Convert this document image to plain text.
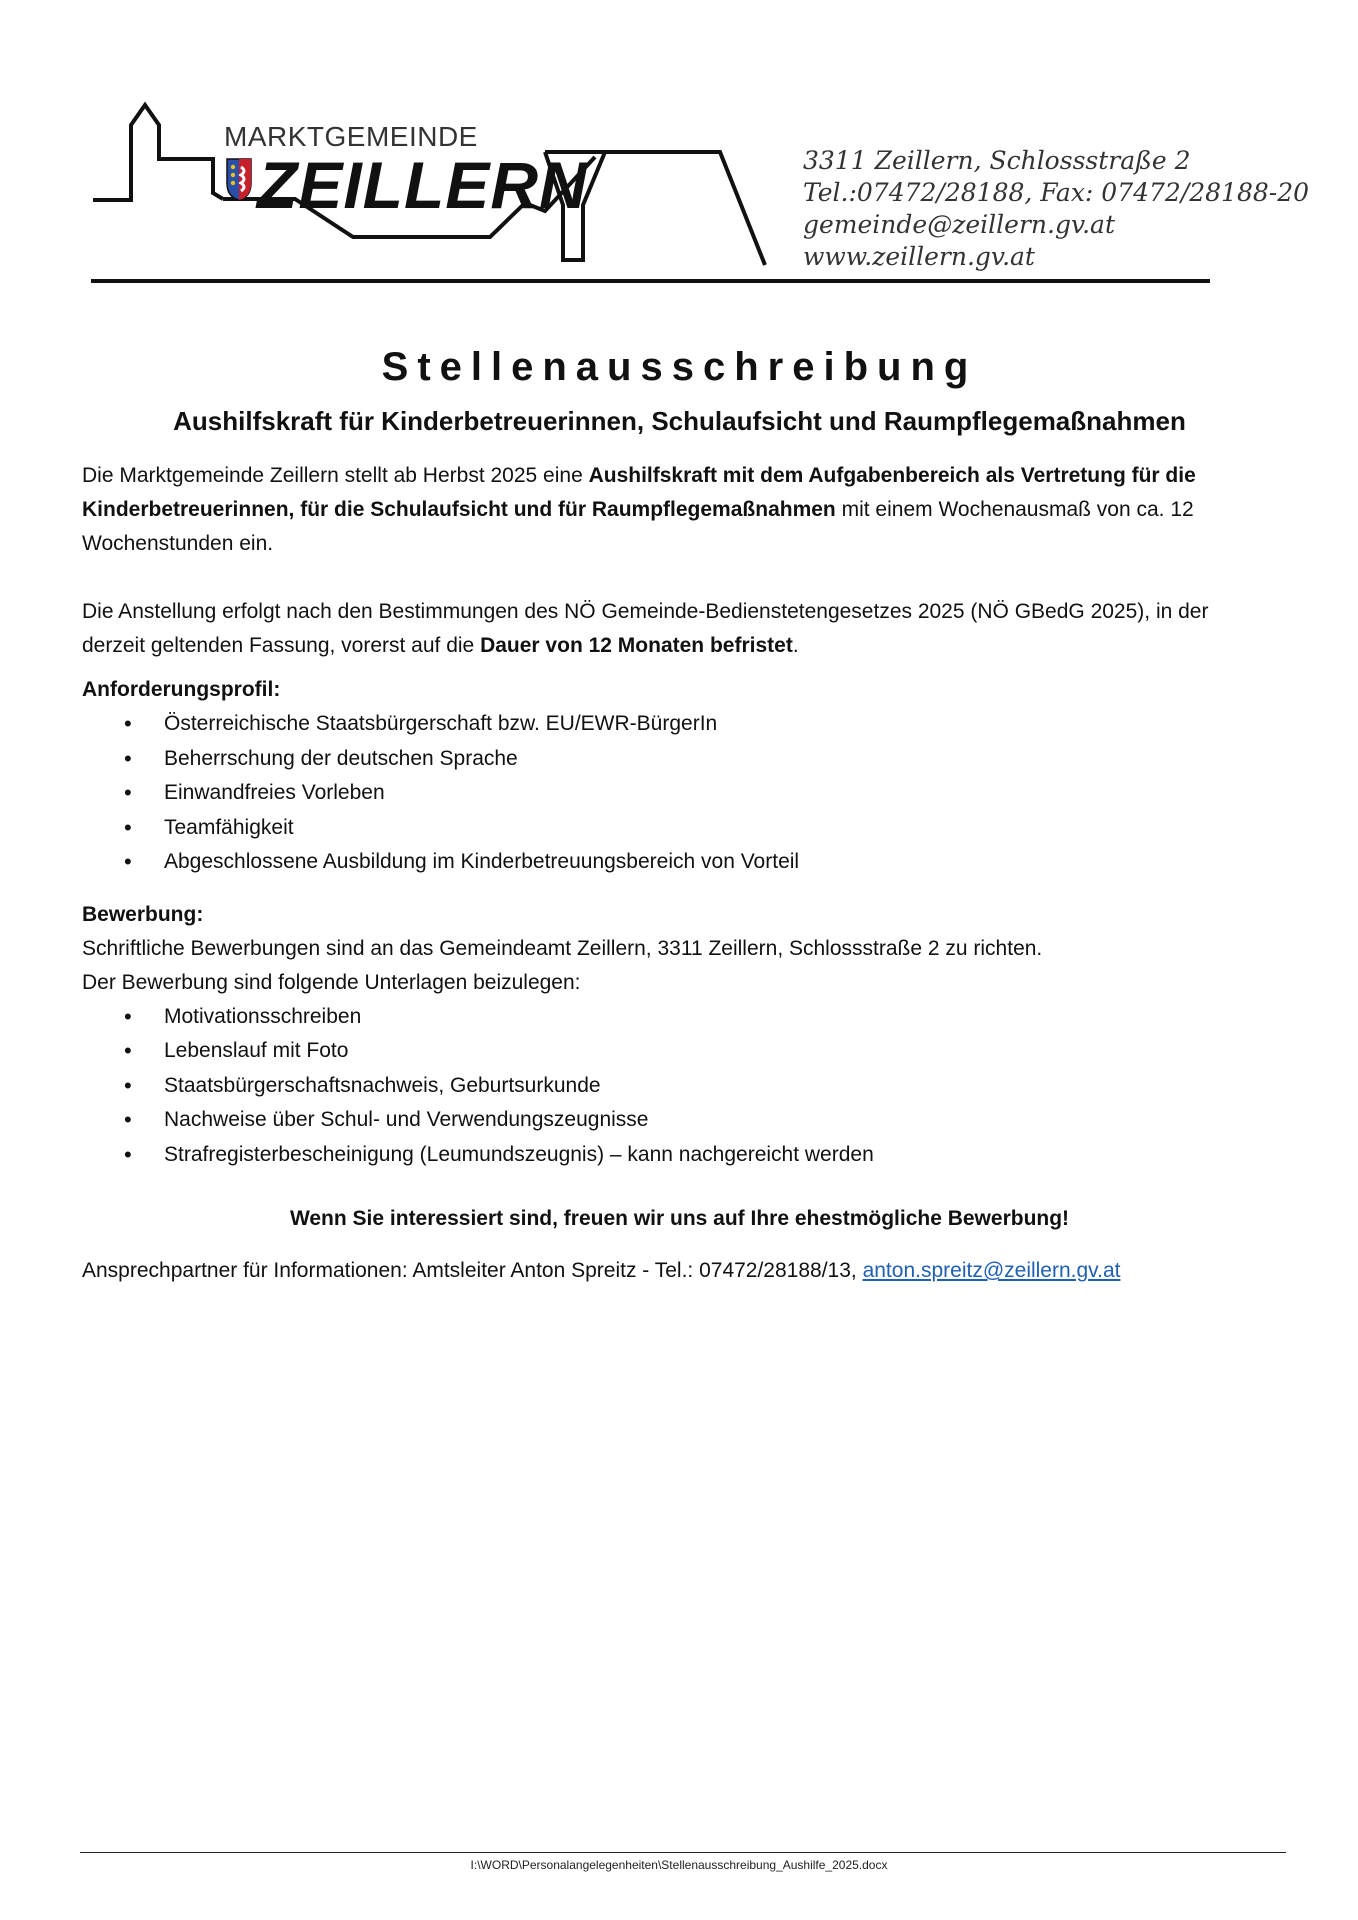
MARKTGEMEINDE
ZEILLERN	3311 Zeillern, Schlossstraße 2
Tel.:07472/28188, Fax: 07472/28188-20
gemeinde@zeillern.gv.at
www.zeillern.gv.at
Stellenausschreibung
Aushilfskraft für Kinderbetreuerinnen, Schulaufsicht und Raumpflegemaßnahmen

Die Marktgemeinde Zeillern stellt ab Herbst 2025 eine Aushilfskraft mit dem Aufgabenbereich als Vertretung für die Kinderbetreuerinnen, für die Schulaufsicht und für Raumpflegemaßnahmen mit einem Wochenausmaß von ca. 12 Wochenstunden ein.

Die Anstellung erfolgt nach den Bestimmungen des NÖ Gemeinde-Bedienstetengesetzes 2025 (NÖ GBedG 2025), in der derzeit geltenden Fassung, vorerst auf die Dauer von 12 Monaten befristet.

Anforderungsprofil:
• Österreichische Staatsbürgerschaft bzw. EU/EWR-BürgerIn
• Beherrschung der deutschen Sprache
• Einwandfreies Vorleben
• Teamfähigkeit
• Abgeschlossene Ausbildung im Kinderbetreuungsbereich von Vorteil
Bewerbung:

Schriftliche Bewerbungen sind an das Gemeindeamt Zeillern, 3311 Zeillern, Schlossstraße 2 zu richten.

Der Bewerbung sind folgende Unterlagen beizulegen:

• Motivationsschreiben
• Lebenslauf mit Foto
• Staatsbürgerschaftsnachweis, Geburtsurkunde
• Nachweise über Schul- und Verwendungszeugnisse
• Strafregisterbescheinigung (Leumundszeugnis) – kann nachgereicht werden
Wenn Sie interessiert sind, freuen wir uns auf Ihre ehestmögliche Bewerbung!
Ansprechpartner für Informationen: Amtsleiter Anton Spreitz - Tel.: 07472/28188/13, anton.spreitz@zeillern.gv.at
I:\WORD\Personalangelegenheiten\Stellenausschreibung_Aushilfe_2025.docx
